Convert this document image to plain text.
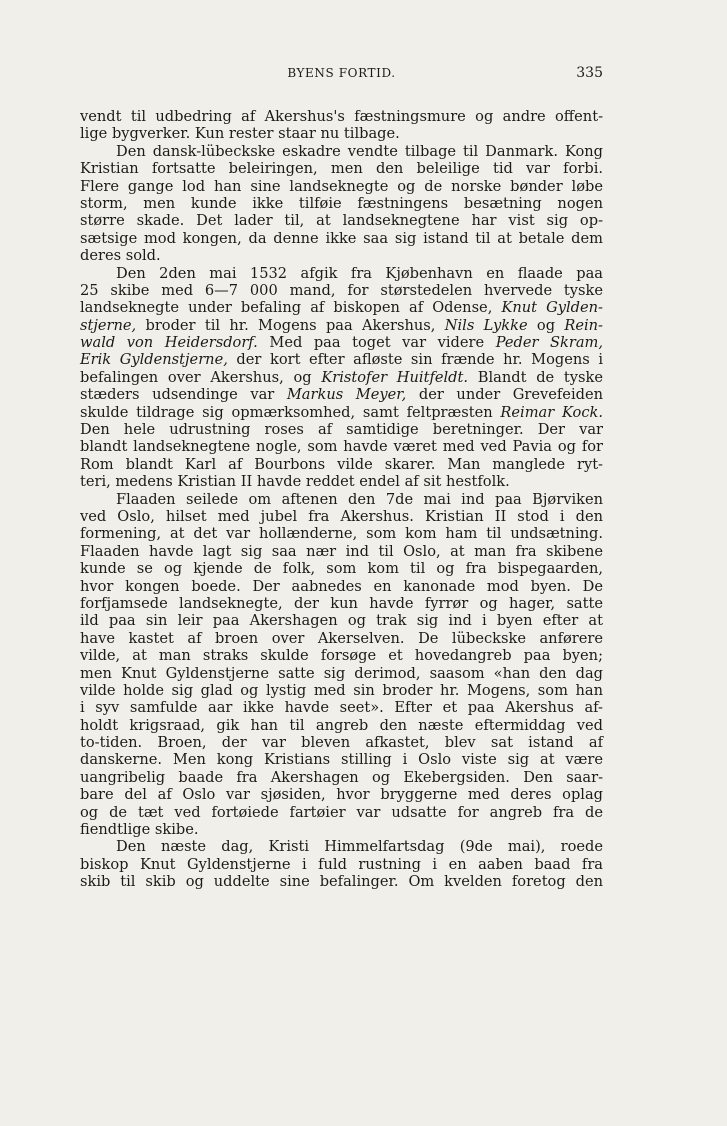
BYENS FORTID.	335
vendt til udbedring af Akershus's fæstningsmure og andre offent-
lige bygverker. Kun rester staar nu tilbage.
Den dansk-lübeckske eskadre vendte tilbage til Danmark. Kong
Kristian fortsatte beleiringen, men den beleilige tid var forbi.
Flere gange lod han sine landseknegte og de norske bønder løbe
storm, men kunde ikke tilføie fæstningens besætning nogen
større skade. Det lader til, at landseknegtene har vist sig op-
sætsige mod kongen, da denne ikke saa sig istand til at betale dem
deres sold.
Den 2den mai 1532 afgik fra Kjøbenhavn en flaade paa
25 skibe med 6—7 000 mand, for størstedelen hvervede tyske
landseknegte under befaling af biskopen af Odense, Knut Gylden-
stjerne, broder til hr. Mogens paa Akershus, Nils Lykke og Rein-
wald von Heidersdorf. Med paa toget var videre Peder Skram,
Erik Gyldenstjerne, der kort efter afløste sin frænde hr. Mogens i
befalingen over Akershus, og Kristofer Huitfeldt. Blandt de tyske
stæders udsendinge var Markus Meyer, der under Grevefeiden
skulde tildrage sig opmærksomhed, samt feltpræsten Reimar Kock.
Den hele udrustning roses af samtidige beretninger. Der var
blandt landseknegtene nogle, som havde været med ved Pavia og for
Rom blandt Karl af Bourbons vilde skarer. Man manglede ryt-
teri, medens Kristian II havde reddet endel af sit hestfolk.
Flaaden seilede om aftenen den 7de mai ind paa Bjørviken
ved Oslo, hilset med jubel fra Akershus. Kristian II stod i den
formening, at det var hollænderne, som kom ham til undsætning.
Flaaden havde lagt sig saa nær ind til Oslo, at man fra skibene
kunde se og kjende de folk, som kom til og fra bispegaarden,
hvor kongen boede. Der aabnedes en kanonade mod byen. De
forfjamsede landseknegte, der kun havde fyrrør og hager, satte
ild paa sin leir paa Akershagen og trak sig ind i byen efter at
have kastet af broen over Akerselven. De lübeckske anførere
vilde, at man straks skulde forsøge et hovedangreb paa byen;
men Knut Gyldenstjerne satte sig derimod, saasom «han den dag
vilde holde sig glad og lystig med sin broder hr. Mogens, som han
i syv samfulde aar ikke havde seet». Efter et paa Akershus af-
holdt krigsraad, gik han til angreb den næste eftermiddag ved
to-tiden. Broen, der var bleven afkastet, blev sat istand af
danskerne. Men kong Kristians stilling i Oslo viste sig at være
uangribelig baade fra Akershagen og Ekebergsiden. Den saar-
bare del af Oslo var sjøsiden, hvor bryggerne med deres oplag
og de tæt ved fortøiede fartøier var udsatte for angreb fra de
fiendtlige skibe.
Den næste dag, Kristi Himmelfartsdag (9de mai), roede
biskop Knut Gyldenstjerne i fuld rustning i en aaben baad fra
skib til skib og uddelte sine befalinger. Om kvelden foretog den
